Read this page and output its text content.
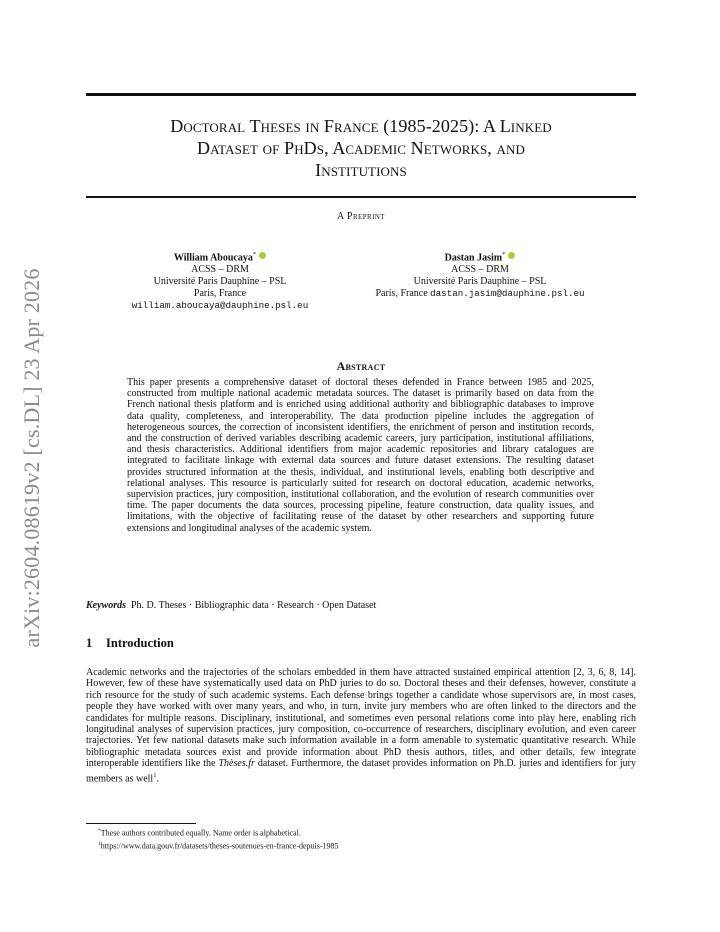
arXiv:2604.08619v2 [cs.DL] 23 Apr 2026
Doctoral Theses in France (1985-2025): A Linked
Dataset of PhDs, Academic Networks, and
Institutions
A Preprint
William Aboucaya*
ACSS – DRM
Université Paris Dauphine – PSL
Paris, France
william.aboucaya@dauphine.psl.eu
Dastan Jasim*
ACSS – DRM
Université Paris Dauphine – PSL
Paris, France dastan.jasim@dauphine.psl.eu
Abstract
This paper presents a comprehensive dataset of doctoral theses defended in France between 1985 and 2025, constructed from multiple national academic metadata sources. The dataset is primarily based on data from the French national thesis platform and is enriched using additional authority and bibliographic databases to improve data quality, completeness, and interoperability. The data production pipeline includes the aggregation of heterogeneous sources, the correction of inconsistent identifiers, the enrichment of person and institution records, and the construction of derived variables describing academic careers, jury participation, institutional affiliations, and thesis characteristics. Additional identifiers from major academic repositories and library catalogues are integrated to facilitate linkage with external data sources and future dataset extensions. The resulting dataset provides structured information at the thesis, individual, and institutional levels, enabling both descriptive and relational analyses. This resource is particularly suited for research on doctoral education, academic networks, supervision practices, jury composition, institutional collaboration, and the evolution of research communities over time. The paper documents the data sources, processing pipeline, feature construction, data quality issues, and limitations, with the objective of facilitating reuse of the dataset by other researchers and supporting future extensions and longitudinal analyses of the academic system.
Keywords Ph. D. Theses · Bibliographic data · Research · Open Dataset
1 Introduction
Academic networks and the trajectories of the scholars embedded in them have attracted sustained empirical attention [2, 3, 6, 8, 14]. However, few of these have systematically used data on PhD juries to do so. Doctoral theses and their defenses, however, constitute a rich resource for the study of such academic systems. Each defense brings together a candidate whose supervisors are, in most cases, people they have worked with over many years, and who, in turn, invite jury members who are often linked to the directors and the candidates for multiple reasons. Disciplinary, institutional, and sometimes even personal relations come into play here, enabling rich longitudinal analyses of supervision practices, jury composition, co-occurrence of researchers, disciplinary evolution, and even career trajectories. Yet few national datasets make such information available in a form amenable to systematic quantitative research. While bibliographic metadata sources exist and provide information about PhD thesis authors, titles, and other details, few integrate interoperable identifiers like the Thèses.fr dataset. Furthermore, the dataset provides information on Ph.D. juries and identifiers for jury members as well$^1$.
*These authors contributed equally. Name order is alphabetical.
$^1$https://www.data.gouv.fr/datasets/theses-soutenues-en-france-depuis-1985
